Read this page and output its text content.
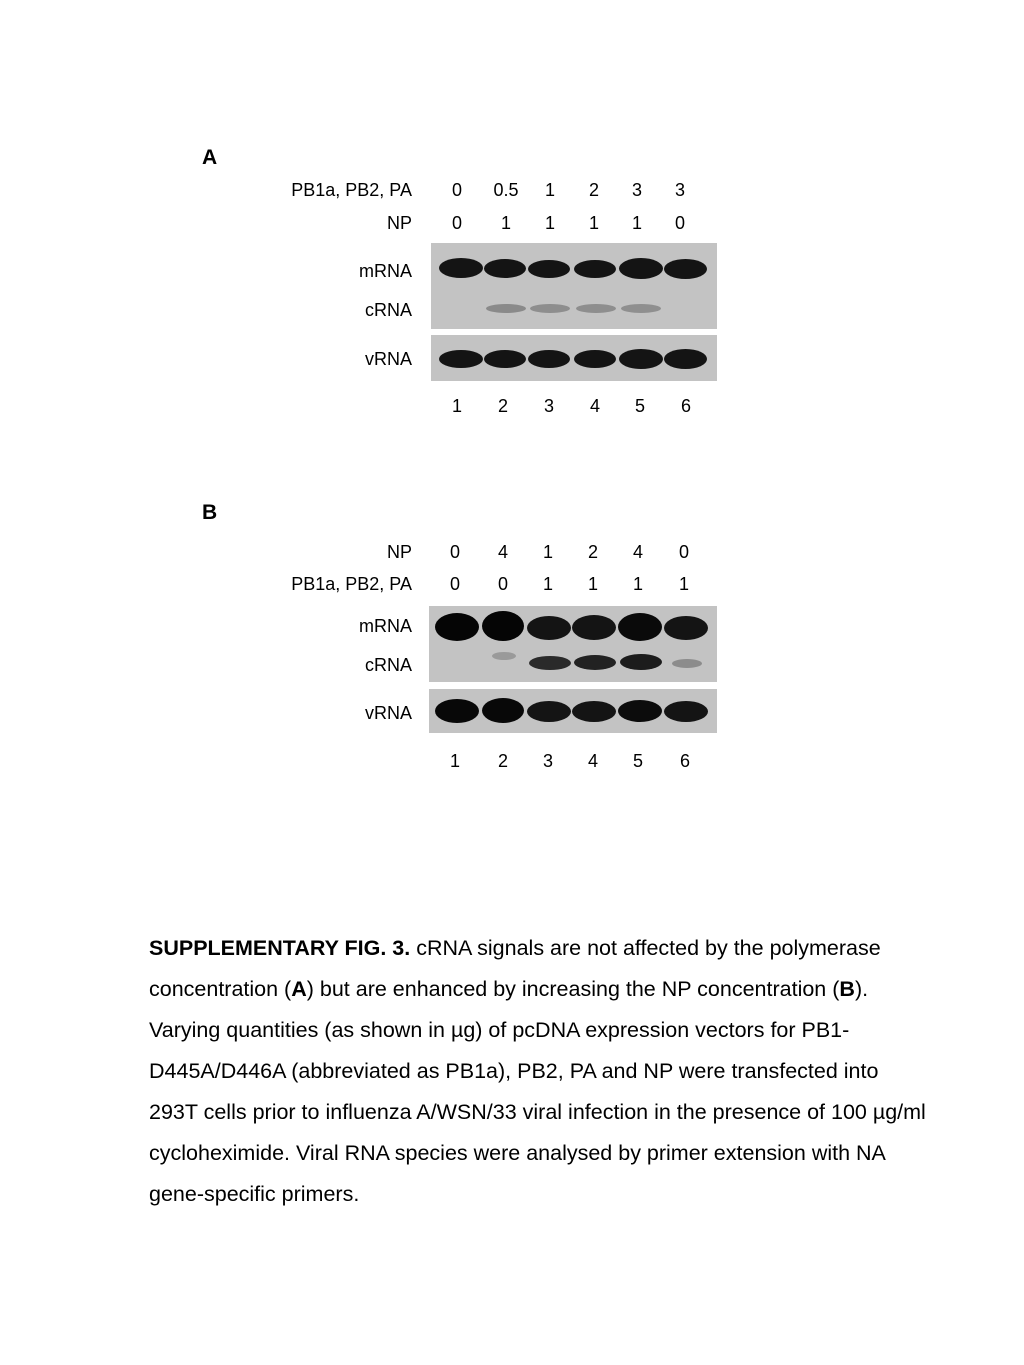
A
PB1a, PB2, PA	0	0.5	1	2	3	3
NP	0	1	1	1	1	0
mRNA
cRNA
vRNA
1	2	3	4	5	6
B
NP	0	4	1	2	4	0
PB1a, PB2, PA	0	0	1	1	1	1
mRNA
cRNA
vRNA
1	2	3	4	5	6

SUPPLEMENTARY FIG. 3. cRNA signals are not affected by the polymerase concentration (A) but are enhanced by increasing the NP concentration (B). Varying quantities (as shown in µg) of pcDNA expression vectors for PB1-D445A/D446A (abbreviated as PB1a), PB2, PA and NP were transfected into 293T cells prior to influenza A/WSN/33 viral infection in the presence of 100 µg/ml cycloheximide. Viral RNA species were analysed by primer extension with NA gene-specific primers.
